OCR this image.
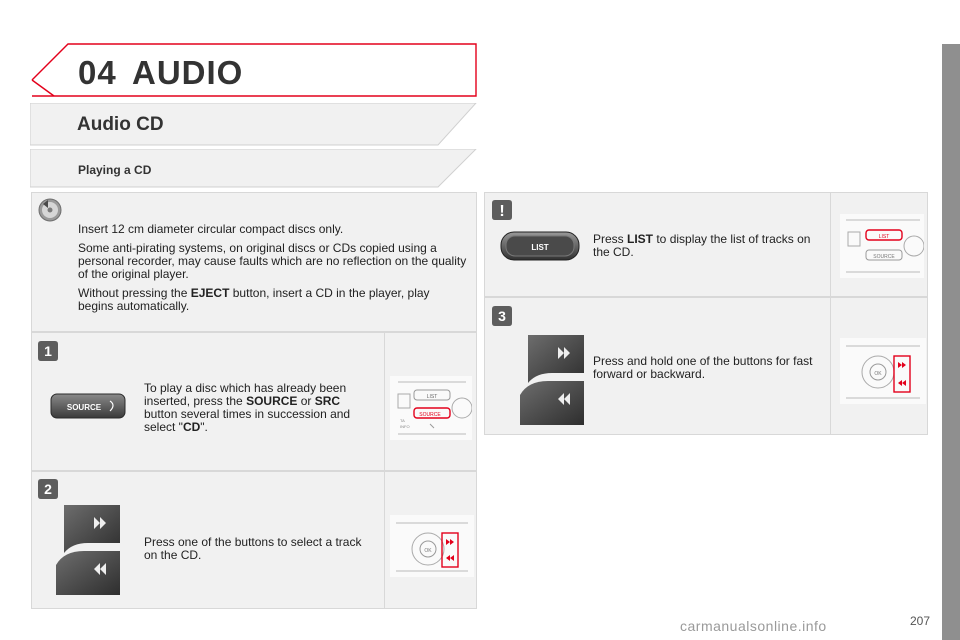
04 AUDIO
Audio CD
Playing a CD

Insert 12 cm diameter circular compact discs only.

Some anti-pirating systems, on original discs or CDs copied using a personal recorder, may cause faults which are no reflection on the quality of the original player.

Without pressing the EJECT button, insert a CD in the player, play begins automatically.

1
SOURCE
To play a disc which has already been inserted, press the SOURCE or SRC button several times in succession and select "CD".
LIST
SOURCE
TA
INFO
2
Press one of the buttons to select a track on the CD.	OK
!
LIST
Press LIST to display the list of tracks on the CD.
LIST
SOURCE
3
Press and hold one of the buttons for fast forward or backward.	OK
carmanualsonline.info	207
